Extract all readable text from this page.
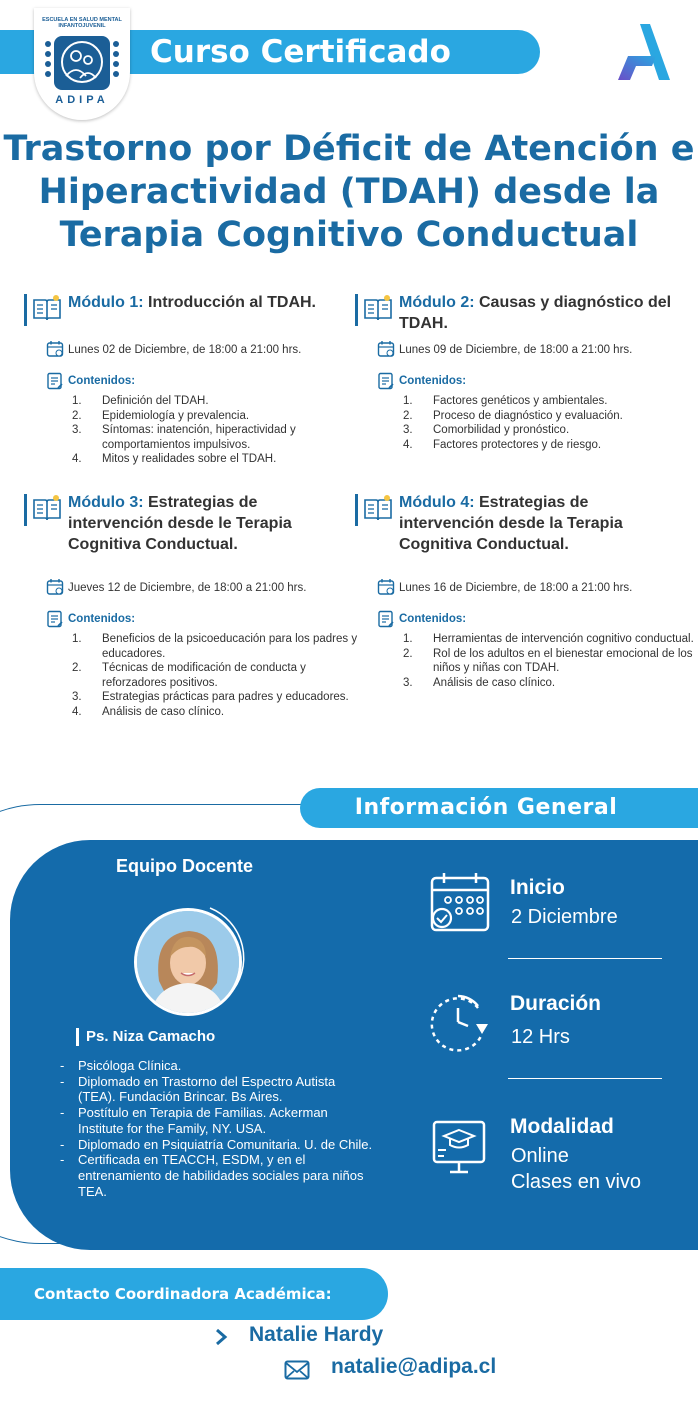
Curso Certificado
ESCUELA EN SALUD MENTAL
INFANTOJUVENIL
ADIPA
Trastorno por Déficit de Atención e Hiperactividad (TDAH) desde la Terapia Cognitivo Conductual
Módulo 1: Introducción al TDAH.
Lunes 02 de Diciembre, de 18:00 a 21:00 hrs.
Contenidos:
1. Definición del TDAH.
2. Epidemiología y prevalencia.
3. Síntomas: inatención, hiperactividad y comportamientos impulsivos.
4. Mitos y realidades sobre el TDAH.
Módulo 2: Causas y diagnóstico del TDAH.
Lunes 09 de Diciembre, de 18:00 a 21:00 hrs.
Contenidos:
1. Factores genéticos y ambientales.
2. Proceso de diagnóstico y evaluación.
3. Comorbilidad y pronóstico.
4. Factores protectores y de riesgo.
Módulo 3: Estrategias de intervención desde le Terapia Cognitiva Conductual.
Jueves 12 de Diciembre, de 18:00 a 21:00 hrs.
Contenidos:
1. Beneficios de la psicoeducación para los padres y educadores.
2. Técnicas de modificación de conducta y reforzadores positivos.
3. Estrategias prácticas para padres y educadores.
4. Análisis de caso clínico.
Módulo 4: Estrategias de intervención desde la Terapia Cognitiva Conductual.
Lunes 16 de Diciembre, de 18:00 a 21:00 hrs.
Contenidos:
1. Herramientas de intervención cognitivo conductual.
2. Rol de los adultos en el bienestar emocional de los niños y niñas con TDAH.
3. Análisis de caso clínico.
Información General
Equipo Docente
Ps. Niza Camacho
- Psicóloga Clínica.
- Diplomado en Trastorno del Espectro Autista (TEA). Fundación Brincar. Bs Aires.
- Postítulo en Terapia de Familias. Ackerman Institute for the Family, NY. USA.
- Diplomado en Psiquiatría Comunitaria. U. de Chile.
- Certificada en TEACCH, ESDM, y en el entrenamiento de habilidades sociales para niños TEA.
Inicio
2 Diciembre
Duración
12 Hrs
Modalidad
Online
Clases en vivo
Contacto Coordinadora Académica:
Natalie Hardy
natalie@adipa.cl
